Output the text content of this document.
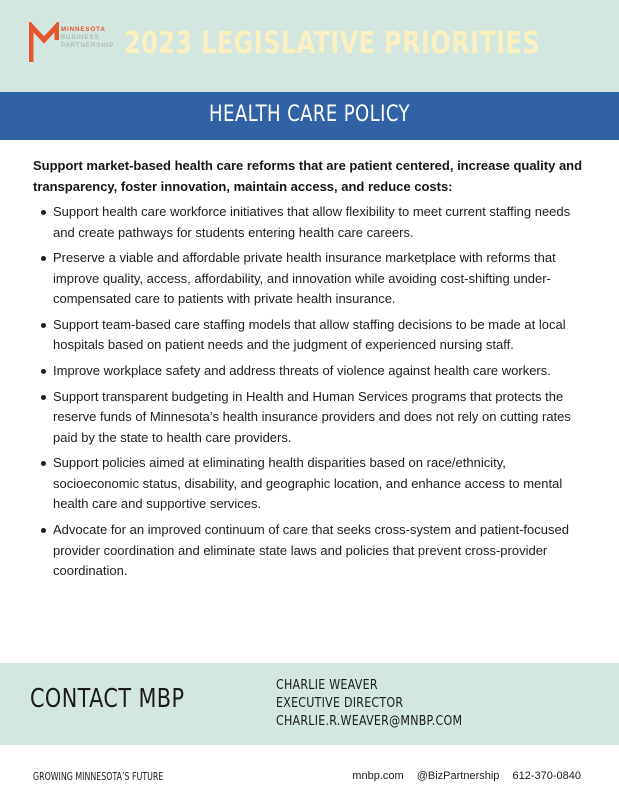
MINNESOTA
BUSINESS
PARTNERSHIP 2023 LEGISLATIVE PRIORITIES
HEALTH CARE POLICY

Support market-based health care reforms that are patient centered, increase quality and transparency, foster innovation, maintain access, and reduce costs:

Support health care workforce initiatives that allow flexibility to meet current staffing needs and create pathways for students entering health care careers.
Preserve a viable and affordable private health insurance marketplace with reforms that improve quality, access, affordability, and innovation while avoiding cost-shifting under-compensated care to patients with private health insurance.
Support team-based care staffing models that allow staffing decisions to be made at local hospitals based on patient needs and the judgment of experienced nursing staff.
Improve workplace safety and address threats of violence against health care workers.
Support transparent budgeting in Health and Human Services programs that protects the reserve funds of Minnesota’s health insurance providers and does not rely on cutting rates paid by the state to health care providers.
Support policies aimed at eliminating health disparities based on race/ethnicity, socioeconomic status, disability, and geographic location, and enhance access to mental health care and supportive services.
Advocate for an improved continuum of care that seeks cross-system and patient-focused provider coordination and eliminate state laws and policies that prevent cross-provider coordination.
CONTACT MBP	CHARLIE WEAVER
EXECUTIVE DIRECTOR
CHARLIE.R.WEAVER@MNBP.COM
GROWING MINNESOTA’S FUTURE	mnbp.com @BizPartnership 612-370-0840
